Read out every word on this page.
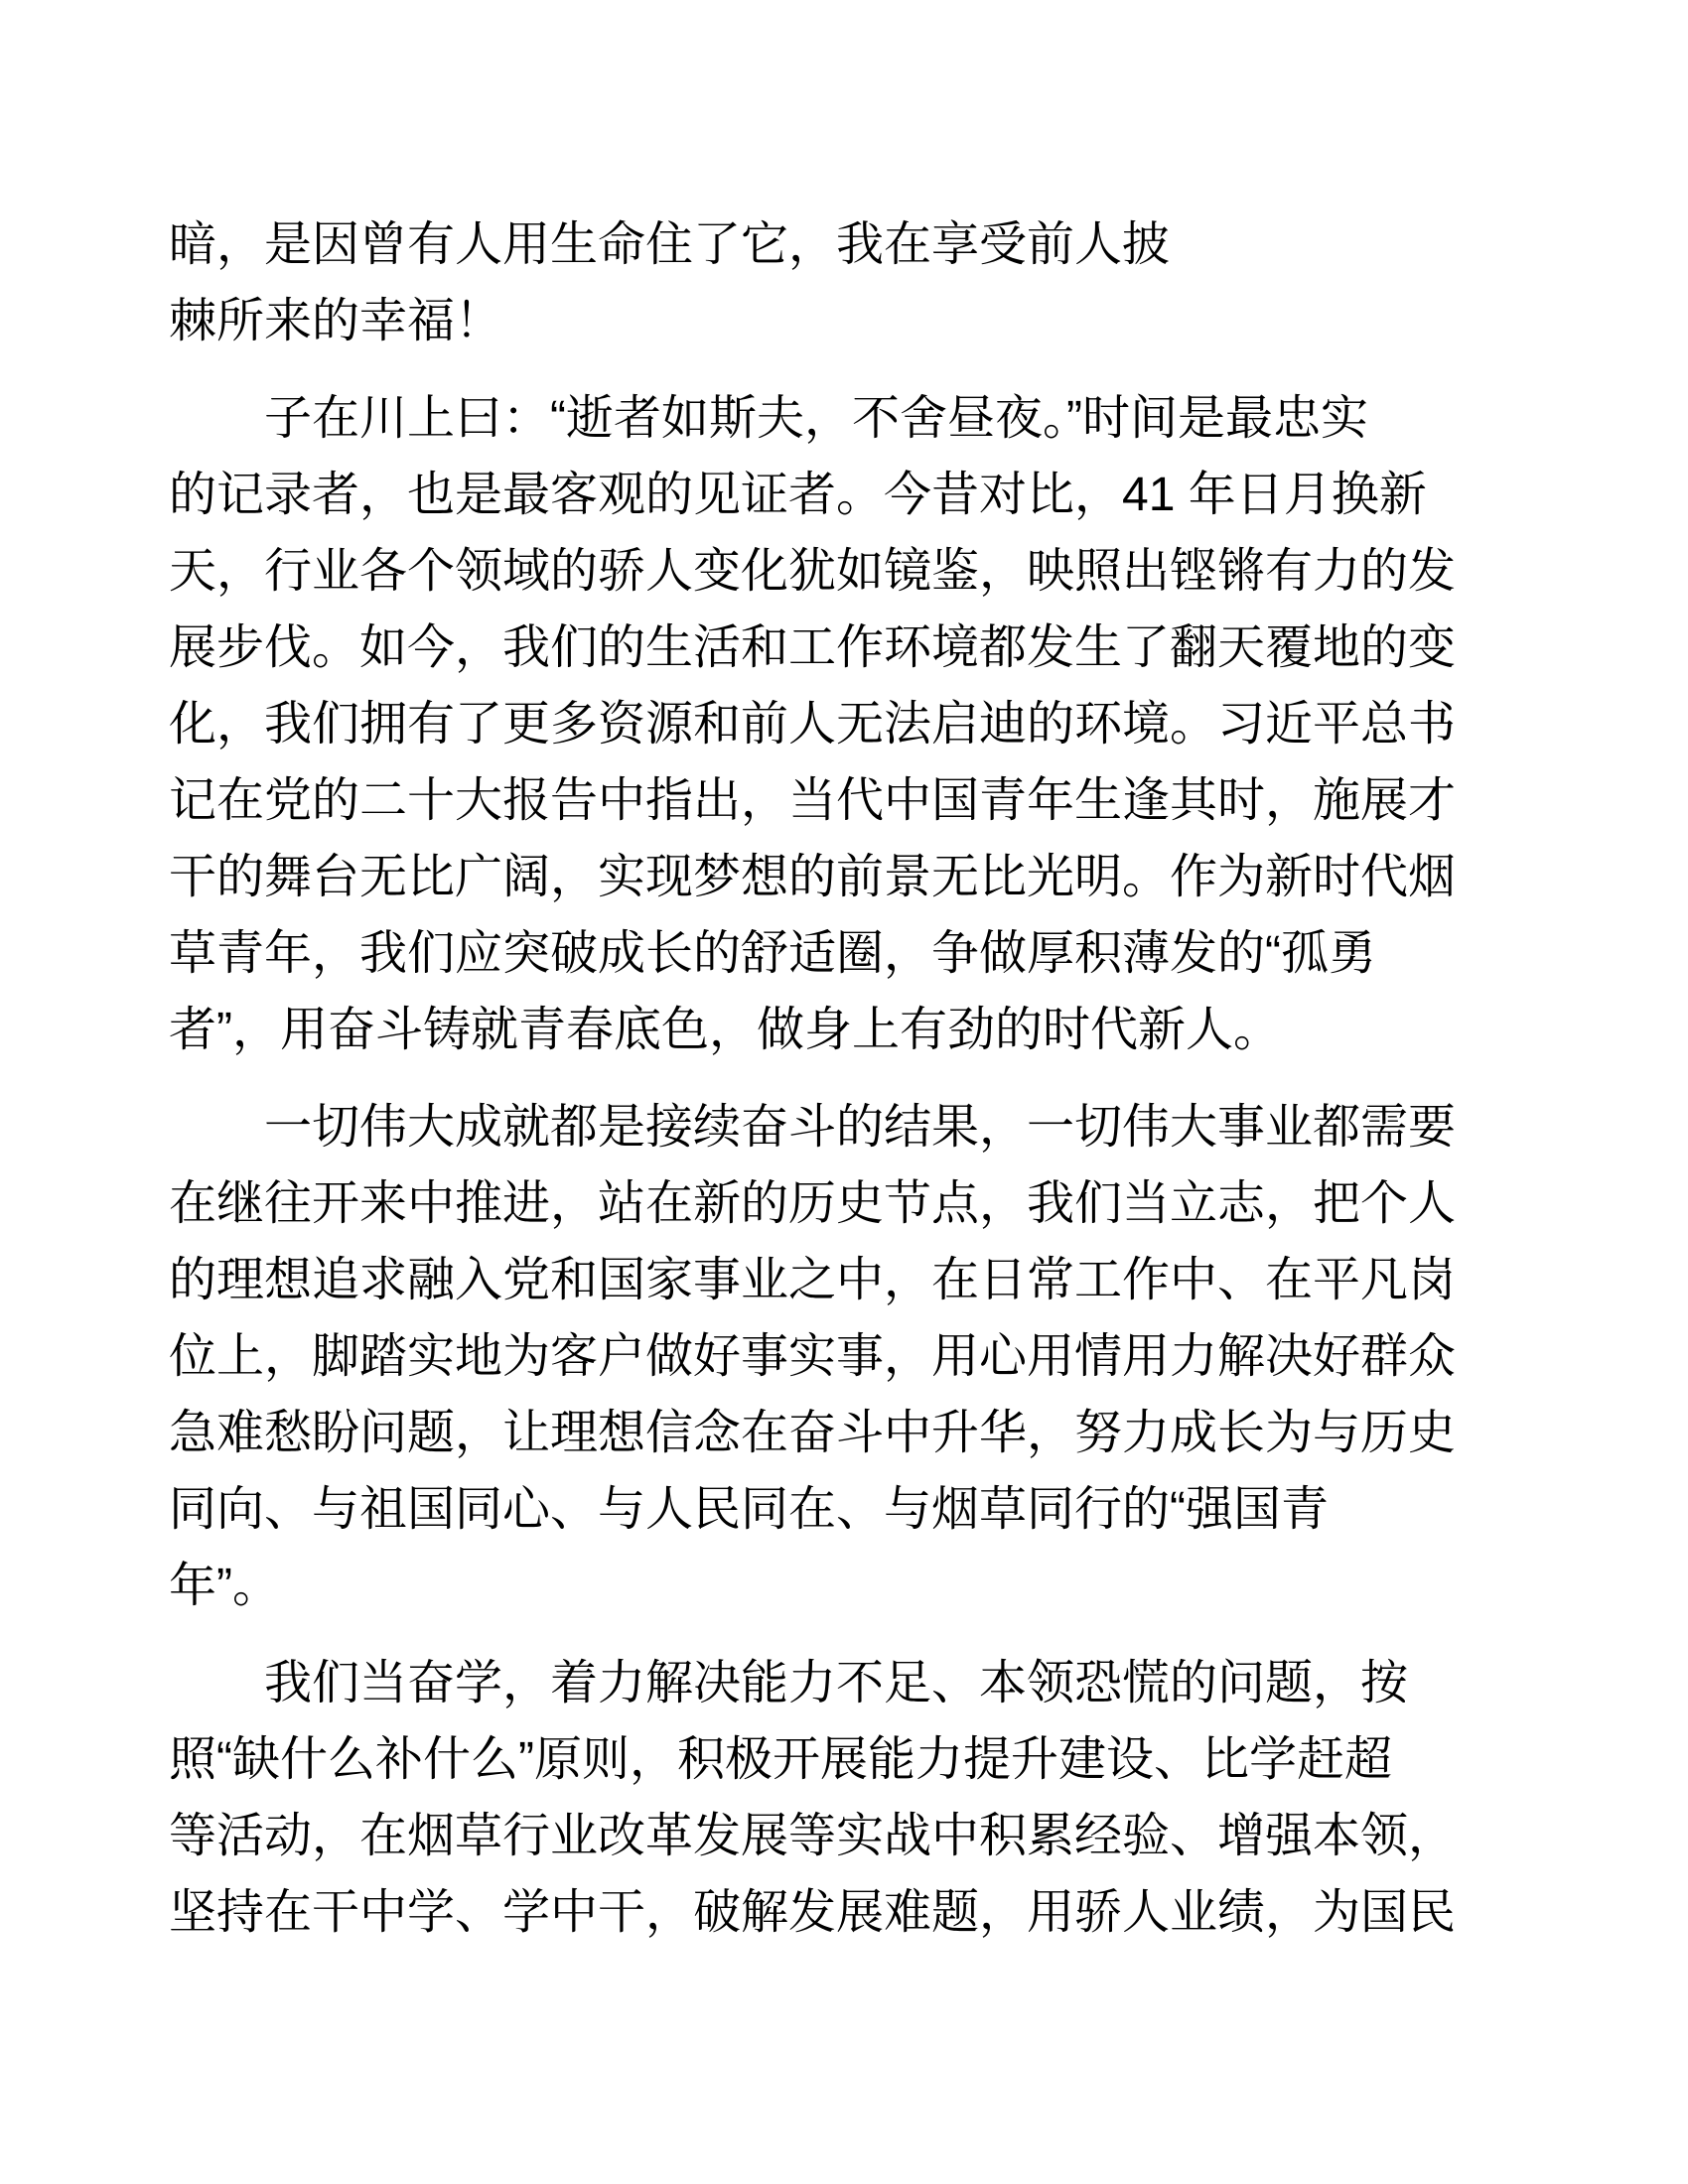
暗，是因曾有人用生命住了它，我在享受前人披
棘所来的幸福！
子在川上曰：“逝者如斯夫，不舍昼夜。”时间是最忠实
的记录者，也是最客观的见证者。今昔对比，41 年日月换新
天，行业各个领域的骄人变化犹如镜鉴，映照出铿锵有力的发
展步伐。如今，我们的生活和工作环境都发生了翻天覆地的变
化，我们拥有了更多资源和前人无法启迪的环境。习近平总书
记在党的二十大报告中指出，当代中国青年生逢其时，施展才
干的舞台无比广阔，实现梦想的前景无比光明。作为新时代烟
草青年，我们应突破成长的舒适圈，争做厚积薄发的“孤勇
者”，用奋斗铸就青春底色，做身上有劲的时代新人。
一切伟大成就都是接续奋斗的结果，一切伟大事业都需要
在继往开来中推进，站在新的历史节点，我们当立志，把个人
的理想追求融入党和国家事业之中，在日常工作中、在平凡岗
位上，脚踏实地为客户做好事实事，用心用情用力解决好群众
急难愁盼问题，让理想信念在奋斗中升华，努力成长为与历史
同向、与祖国同心、与人民同在、与烟草同行的“强国青
年”。
我们当奋学，着力解决能力不足、本领恐慌的问题，按
照“缺什么补什么”原则，积极开展能力提升建设、比学赶超
等活动，在烟草行业改革发展等实战中积累经验、增强本领，
坚持在干中学、学中干，破解发展难题，用骄人业绩，为国民
